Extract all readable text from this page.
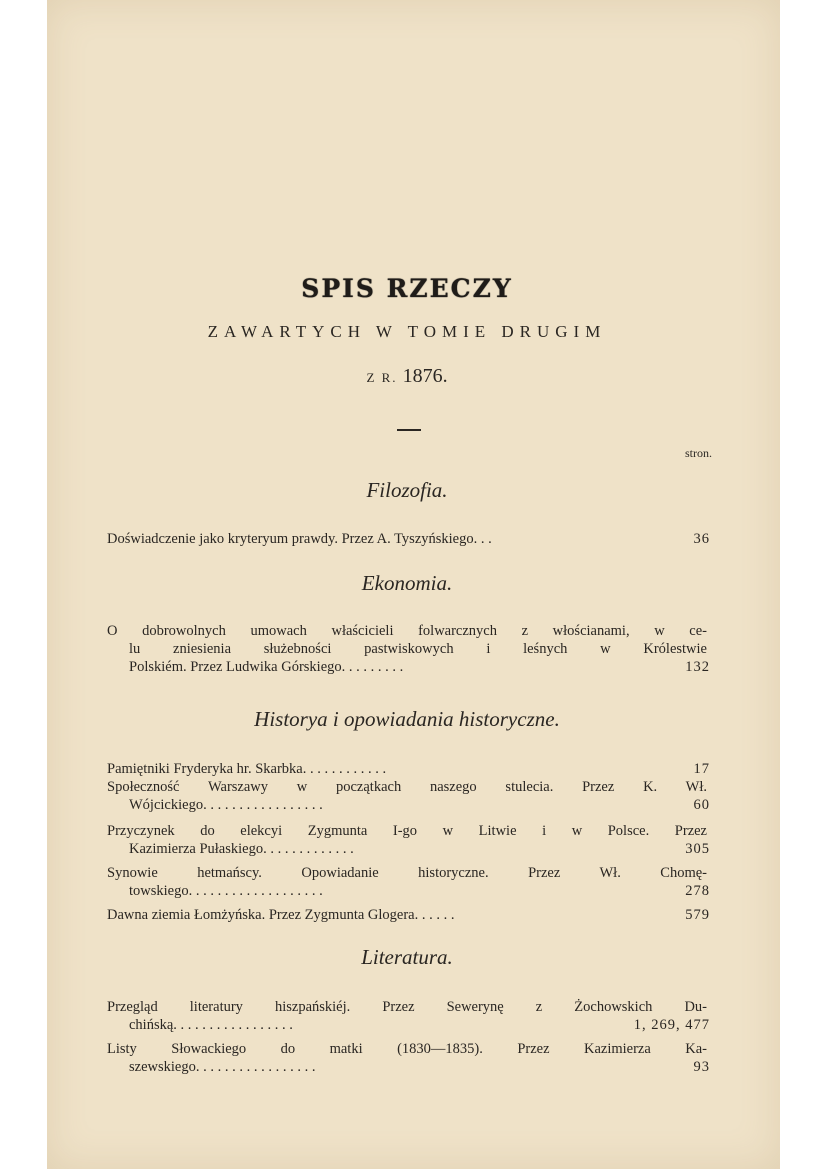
SPIS RZECZY
ZAWARTYCH W TOMIE DRUGIM
Z R. 1876.
stron.
Filozofia.
Doświadczenie jako kryteryum prawdy. Przez A. Tyszyńskiego. . .	36
Ekonomia.
O dobrowolnych umowach właścicieli folwarcznych z włościanami, w ce-
lu zniesienia służebności pastwiskowych i leśnych w Królestwie
Polskiém. Przez Ludwika Górskiego. . . . . . . . .	132
Historya i opowiadania historyczne.
Pamiętniki Fryderyka hr. Skarbka. . . . . . . . . . . .	17
Społeczność Warszawy w początkach naszego stulecia. Przez K. Wł.
Wójcickiego. . . . . . . . . . . . . . . . .	60
Przyczynek do elekcyi Zygmunta I-go w Litwie i w Polsce. Przez
Kazimierza Pułaskiego. . . . . . . . . . . . .	305
Synowie hetmańscy. Opowiadanie historyczne. Przez Wł. Chomę-
towskiego. . . . . . . . . . . . . . . . . . .	278
Dawna ziemia Łomżyńska. Przez Zygmunta Glogera. . . . . .	579
Literatura.
Przegląd literatury hiszpańskiéj. Przez Sewerynę z Żochowskich Du-
chińską. . . . . . . . . . . . . . . . .	1, 269, 477
Listy Słowackiego do matki (1830—1835). Przez Kazimierza Ka-
szewskiego. . . . . . . . . . . . . . . . .	93
